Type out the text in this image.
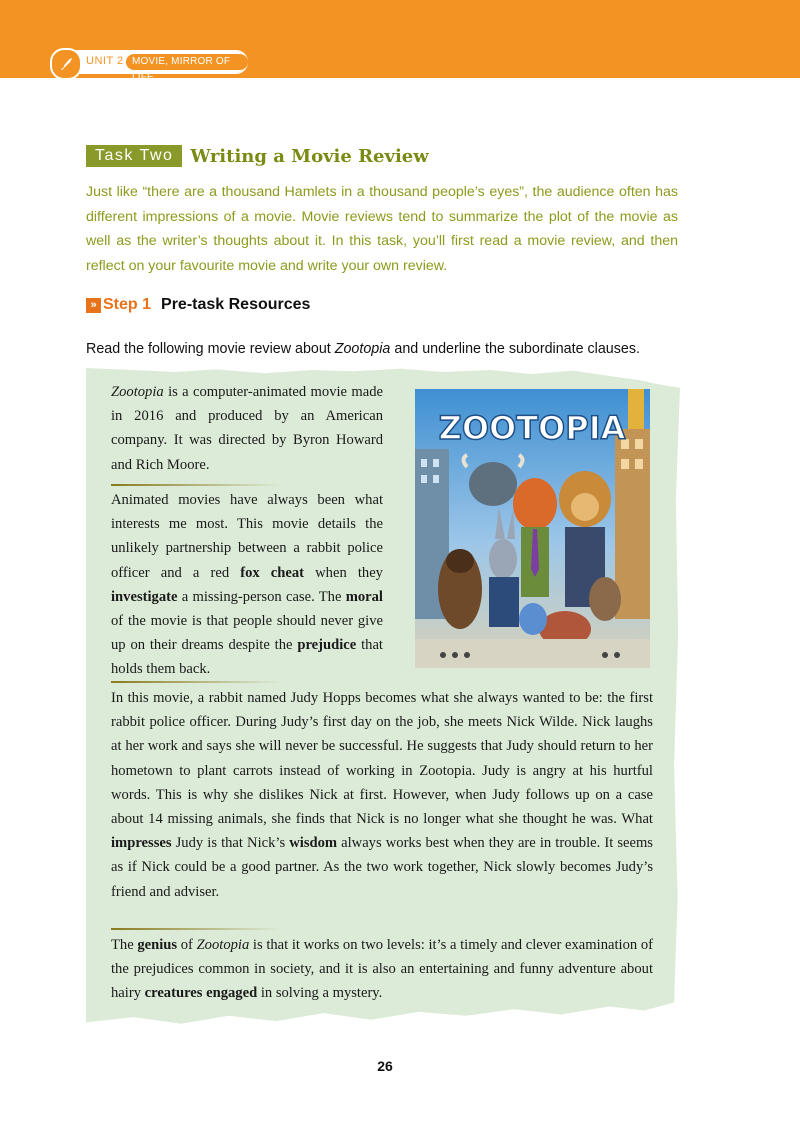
UNIT 2 MOVIE, MIRROR OF LIFE
Task Two Writing a Movie Review
Just like “there are a thousand Hamlets in a thousand people’s eyes”, the audience often has different impressions of a movie. Movie reviews tend to summarize the plot of the movie as well as the writer’s thoughts about it. In this task, you’ll first read a movie review, and then reflect on your favourite movie and write your own review.
» Step 1 Pre-task Resources
Read the following movie review about Zootopia and underline the subordinate clauses.
Zootopia is a computer-animated movie made in 2016 and produced by an American company. It was directed by Byron Howard and Rich Moore.
Animated movies have always been what interests me most. This movie details the unlikely partnership between a rabbit police officer and a red fox cheat when they investigate a missing-person case. The moral of the movie is that people should never give up on their dreams despite the prejudice that holds them back.
ZOOTOPIA
In this movie, a rabbit named Judy Hopps becomes what she always wanted to be: the first rabbit police officer. During Judy’s first day on the job, she meets Nick Wilde. Nick laughs at her work and says she will never be successful. He suggests that Judy should return to her hometown to plant carrots instead of working in Zootopia. Judy is angry at his hurtful words. This is why she dislikes Nick at first. However, when Judy follows up on a case about 14 missing animals, she finds that Nick is no longer what she thought he was. What impresses Judy is that Nick’s wisdom always works best when they are in trouble. It seems as if Nick could be a good partner. As the two work together, Nick slowly becomes Judy’s friend and adviser.
The genius of Zootopia is that it works on two levels: it’s a timely and clever examination of the prejudices common in society, and it is also an entertaining and funny adventure about hairy creatures engaged in solving a mystery.
26
